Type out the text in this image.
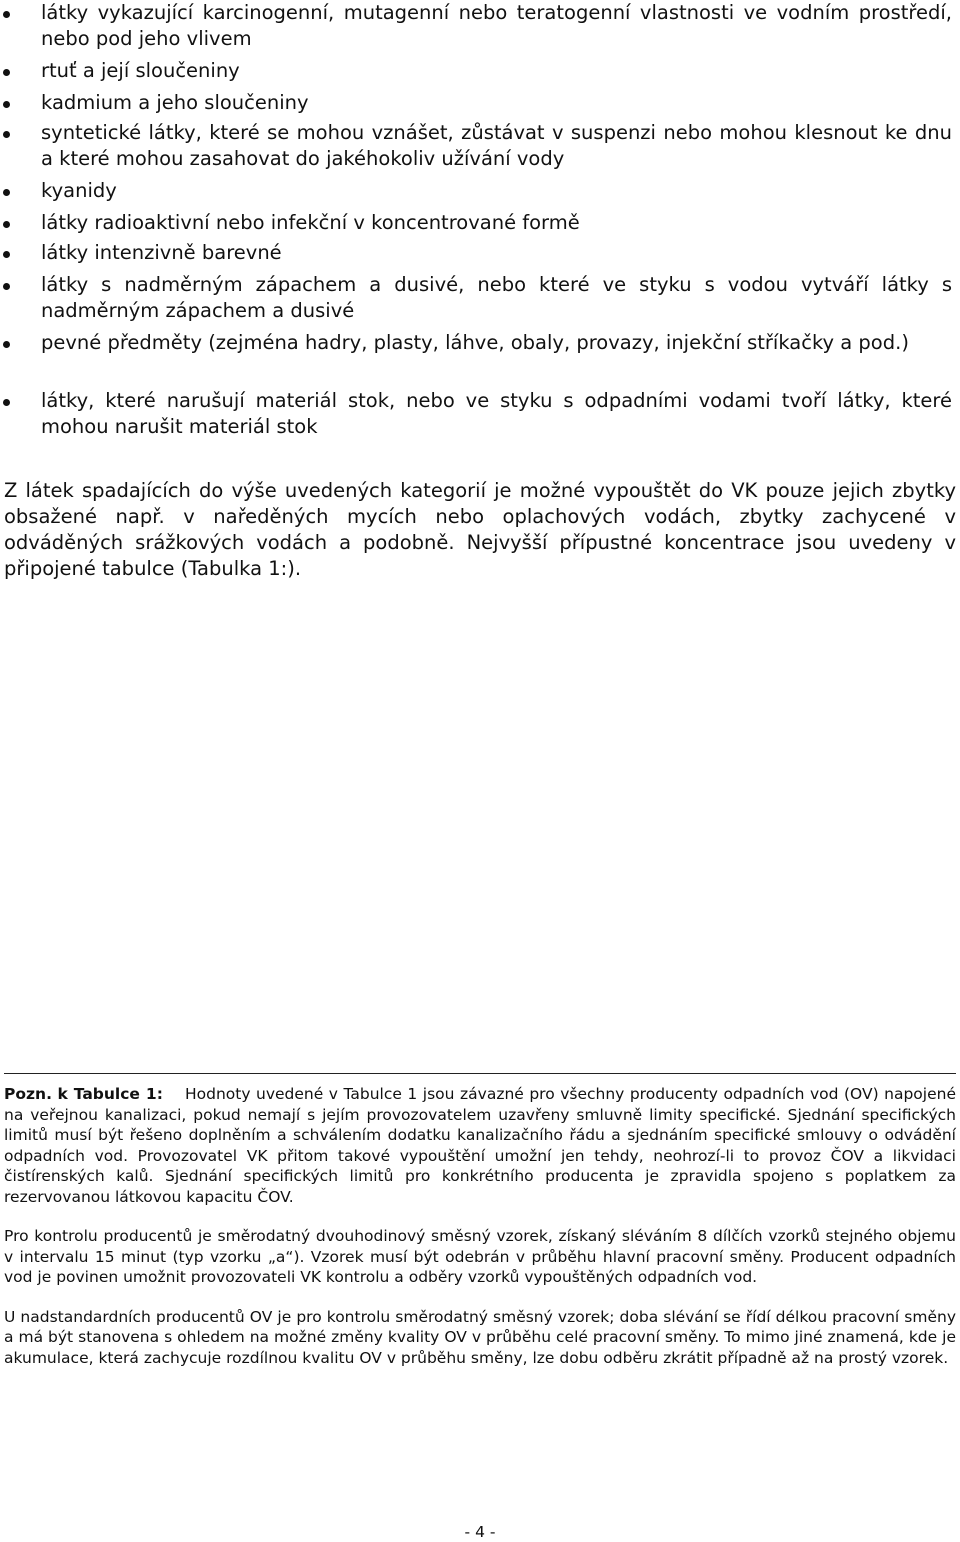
látky vykazující karcinogenní, mutagenní nebo teratogenní vlastnosti ve vodním prostředí, nebo pod jeho vlivem
rtuť a její sloučeniny
kadmium a jeho sloučeniny
syntetické látky, které se mohou vznášet, zůstávat v suspenzi nebo mohou klesnout ke dnu a které mohou zasahovat do jakéhokoliv užívání vody
kyanidy
látky radioaktivní nebo infekční v koncentrované formě
látky intenzivně barevné
látky s nadměrným zápachem a dusivé, nebo které ve styku s vodou vytváří látky s nadměrným zápachem a dusivé
pevné předměty (zejména hadry, plasty, láhve, obaly, provazy, injekční stříkačky a pod.)
látky, které narušují materiál stok, nebo ve styku s odpadními vodami tvoří látky, které mohou narušit materiál stok

Z látek spadajících do výše uvedených kategorií je možné vypouštět do VK pouze jejich zbytky obsažené např. v naředěných mycích nebo oplachových vodách, zbytky zachycené v odváděných srážkových vodách a podobně. Nejvyšší přípustné koncentrace jsou uvedeny v připojené tabulce (Tabulka 1:).

Pozn. k Tabulce 1: Hodnoty uvedené v Tabulce 1 jsou závazné pro všechny producenty odpadních vod (OV) napojené na veřejnou kanalizaci, pokud nemají s jejím provozovatelem uzavřeny smluvně limity specifické. Sjednání specifických limitů musí být řešeno doplněním a schválením dodatku kanalizačního řádu a sjednáním specifické smlouvy o odvádění odpadních vod. Provozovatel VK přitom takové vypouštění umožní jen tehdy, neohrozí-li to provoz ČOV a likvidaci čistírenských kalů. Sjednání specifických limitů pro konkrétního producenta je zpravidla spojeno s poplatkem za rezervovanou látkovou kapacitu ČOV.

Pro kontrolu producentů je směrodatný dvouhodinový směsný vzorek, získaný sléváním 8 dílčích vzorků stejného objemu v intervalu 15 minut (typ vzorku „a“). Vzorek musí být odebrán v průběhu hlavní pracovní směny. Producent odpadních vod je povinen umožnit provozovateli VK kontrolu a odběry vzorků vypouštěných odpadních vod.

U nadstandardních producentů OV je pro kontrolu směrodatný směsný vzorek; doba slévání se řídí délkou pracovní směny a má být stanovena s ohledem na možné změny kvality OV v průběhu celé pracovní směny. To mimo jiné znamená, kde je akumulace, která zachycuje rozdílnou kvalitu OV v průběhu směny, lze dobu odběru zkrátit případně až na prostý vzorek.

- 4 -
